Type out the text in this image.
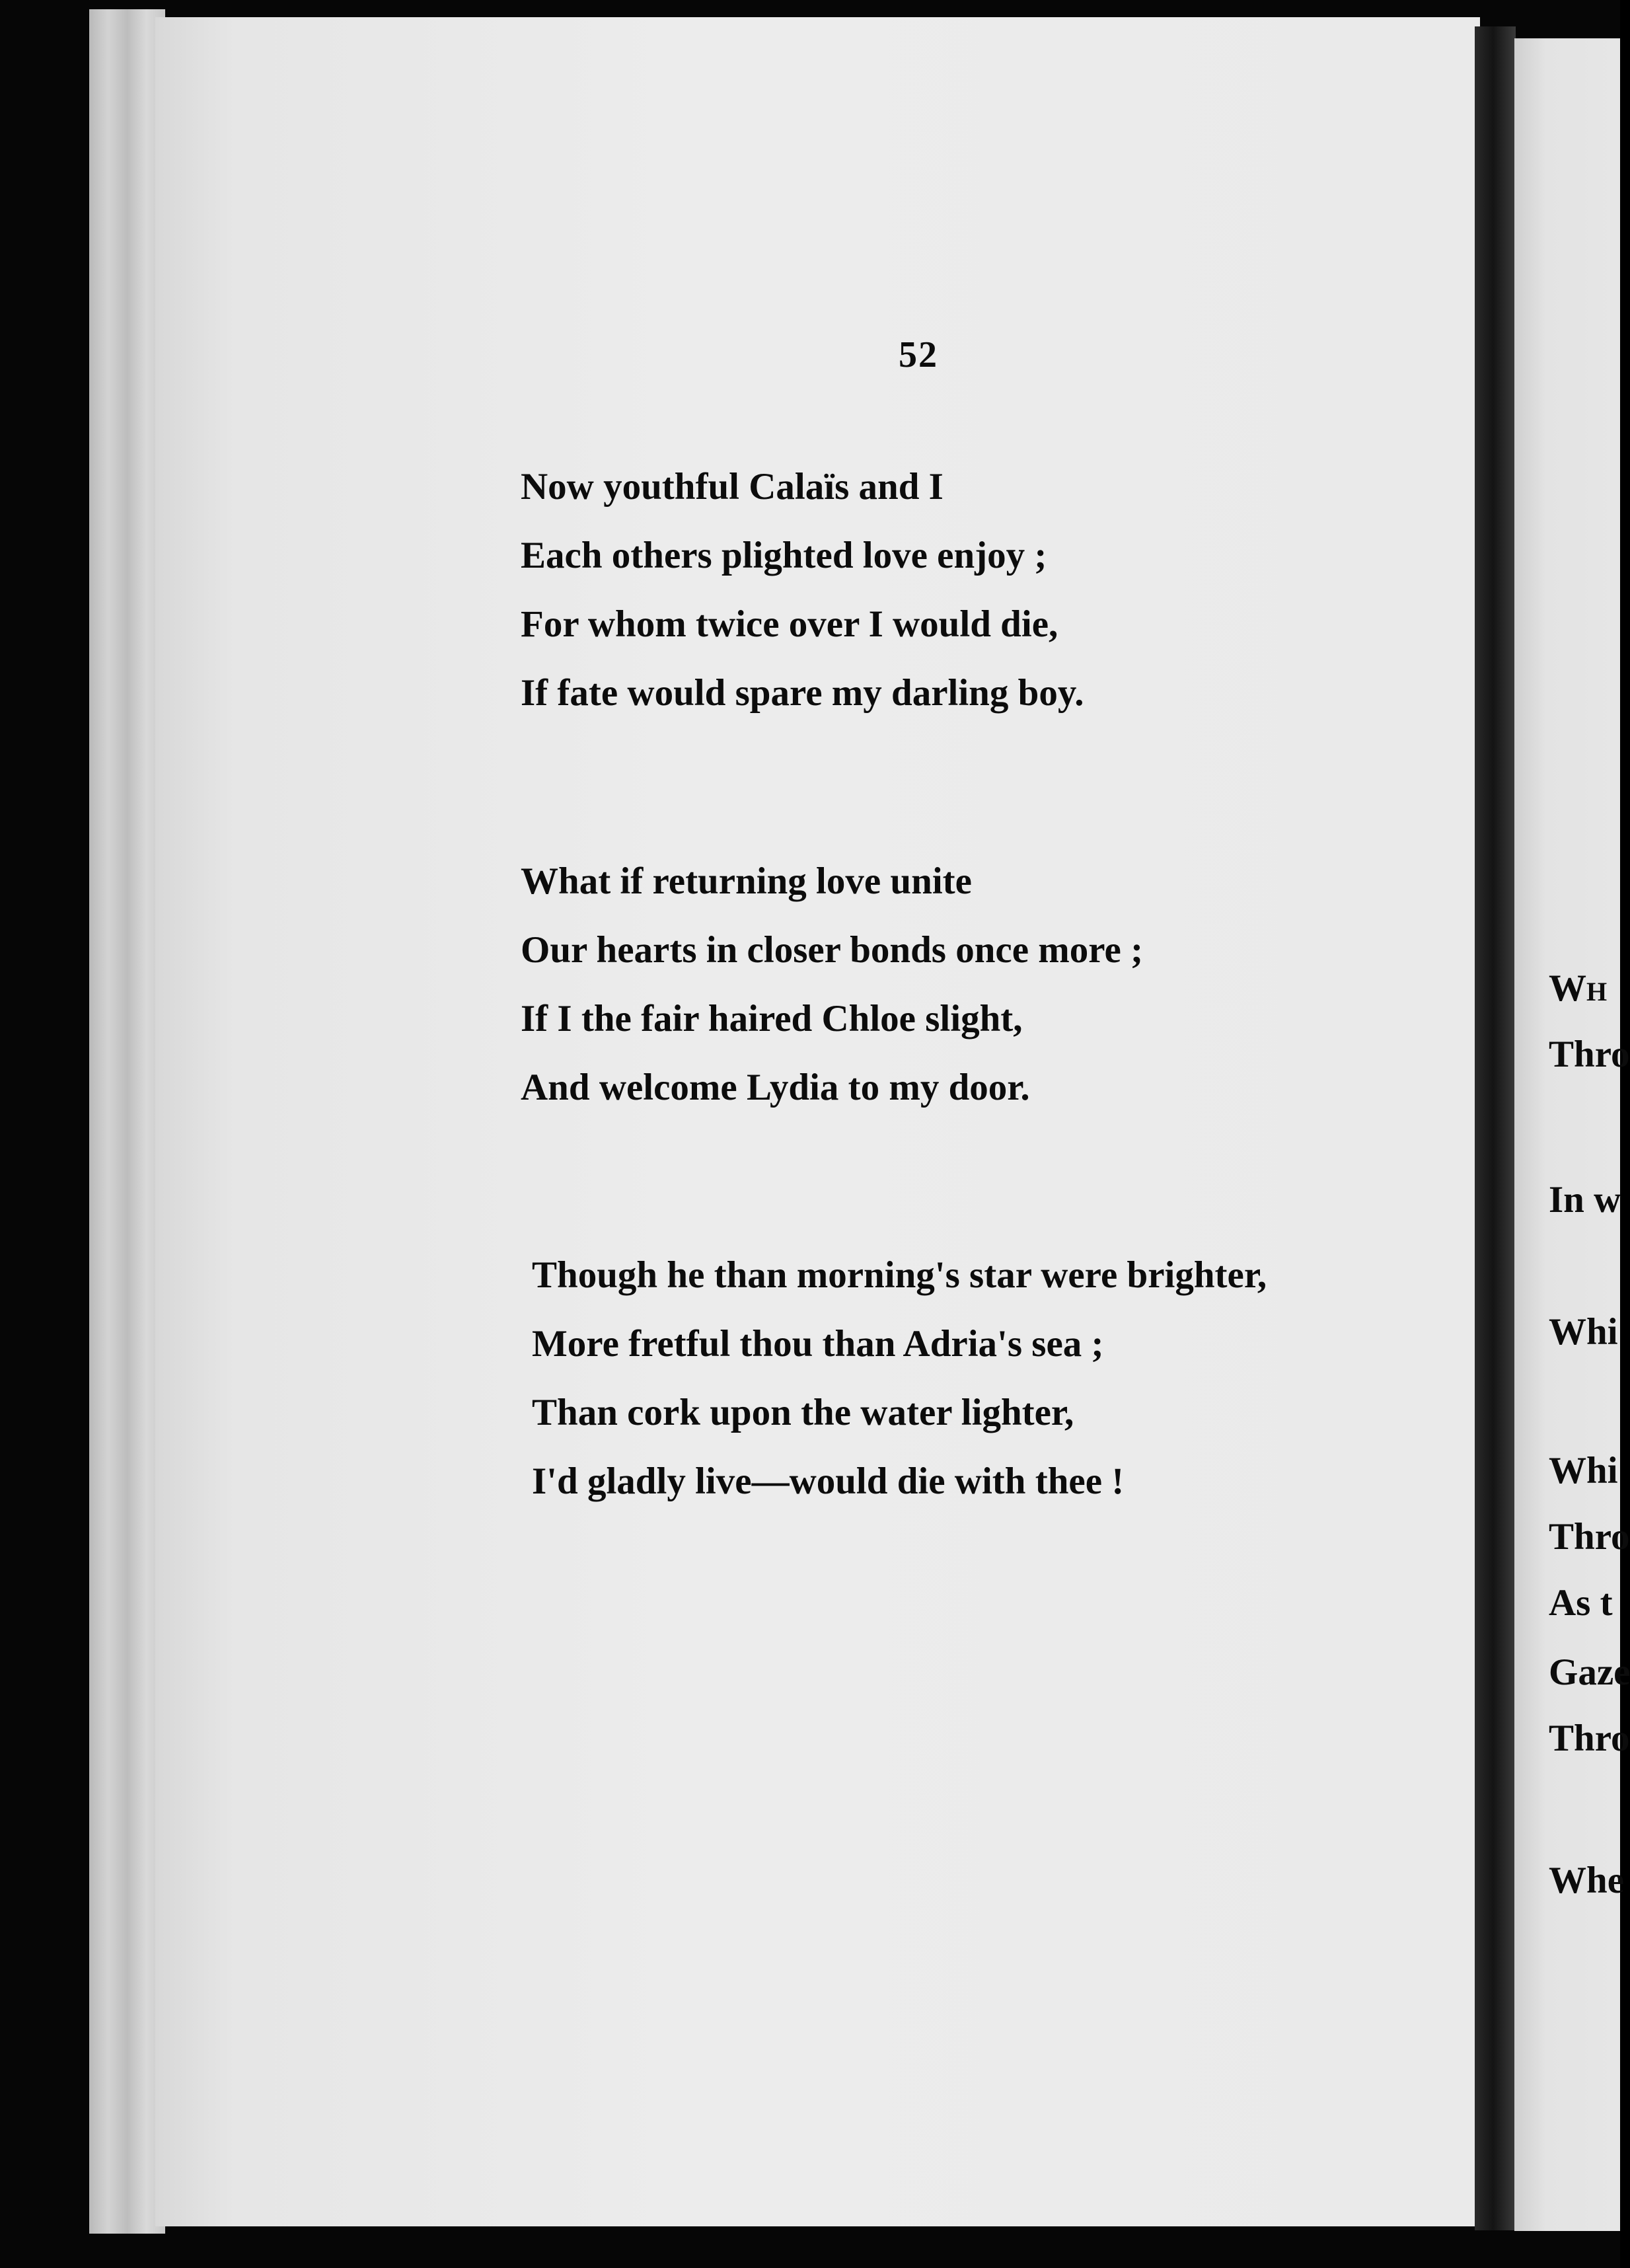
52
Now youthful Calaïs and I
Each others plighted love enjoy ;
For whom twice over I would die,
If fate would spare my darling boy.
What if returning love unite
Our hearts in closer bonds once more ;
If I the fair haired Chloe slight,
And welcome Lydia to my door.
Though he than morning's star were brighter,
More fretful thou than Adria's sea ;
Than cork upon the water lighter,
I'd gladly live—would die with thee !
Wh
Thro
In w
Whi
Whi
Thro
As t
Gaze
Thro
Whe
